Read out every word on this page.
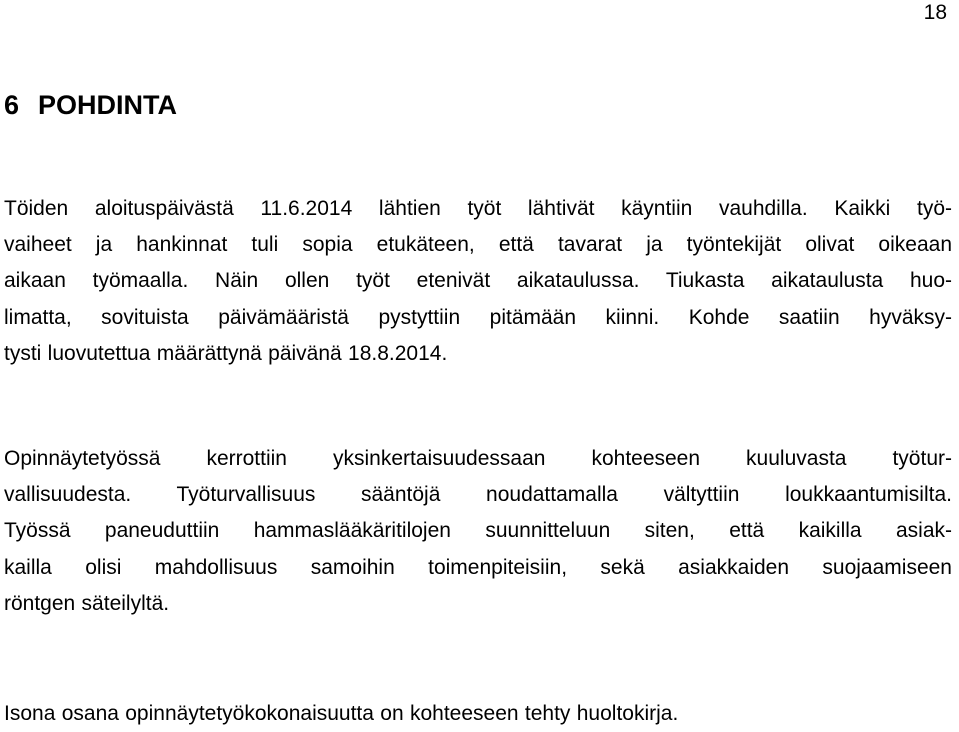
18
6 POHDINTA
Töiden aloituspäivästä 11.6.2014 lähtien työt lähtivät käyntiin vauhdilla. Kaikki työ-
vaiheet ja hankinnat tuli sopia etukäteen, että tavarat ja työntekijät olivat oikeaan
aikaan työmaalla. Näin ollen työt etenivät aikataulussa. Tiukasta aikataulusta huo-
limatta, sovituista päivämääristä pystyttiin pitämään kiinni. Kohde saatiin hyväksy-
tysti luovutettua määrättynä päivänä 18.8.2014.
Opinnäytetyössä kerrottiin yksinkertaisuudessaan kohteeseen kuuluvasta työtur-
vallisuudesta. Työturvallisuus sääntöjä noudattamalla vältyttiin loukkaantumisilta.
Työssä paneuduttiin hammaslääkäritilojen suunnitteluun siten, että kaikilla asiak-
kailla olisi mahdollisuus samoihin toimenpiteisiin, sekä asiakkaiden suojaamiseen
röntgen säteilyltä.
Isona osana opinnäytetyökokonaisuutta on kohteeseen tehty huoltokirja.
